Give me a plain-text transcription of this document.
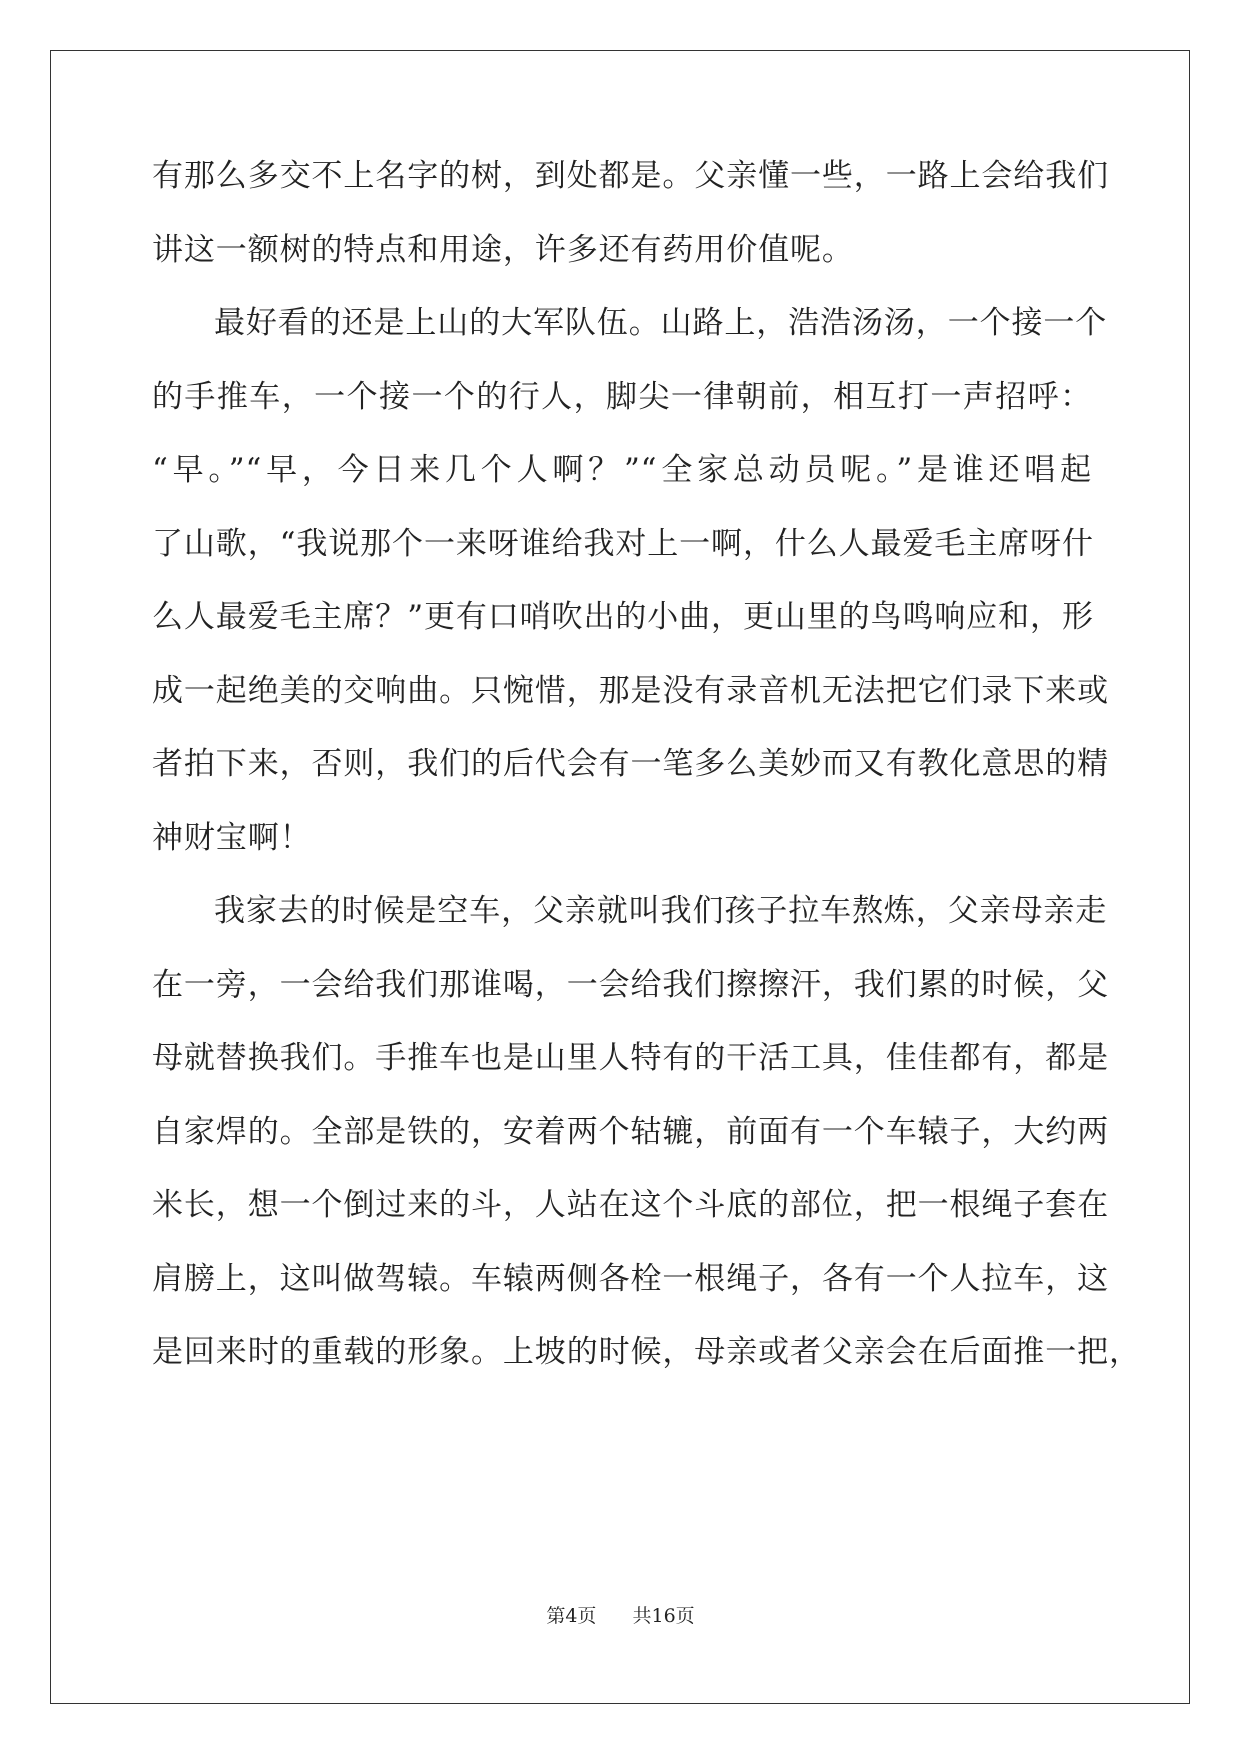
有那么多交不上名字的树，到处都是。父亲懂一些，一路上会给我们
讲这一额树的特点和用途，许多还有药用价值呢。
最好看的还是上山的大军队伍。山路上，浩浩汤汤，一个接一个
的手推车，一个接一个的行人，脚尖一律朝前，相互打一声招呼：
“早。”“早，今日来几个人啊？”“全家总动员呢。”是谁还唱起
了山歌，“我说那个一来呀谁给我对上一啊，什么人最爱毛主席呀什
么人最爱毛主席？”更有口哨吹出的小曲，更山里的鸟鸣响应和，形
成一起绝美的交响曲。只惋惜，那是没有录音机无法把它们录下来或
者拍下来，否则，我们的后代会有一笔多么美妙而又有教化意思的精
神财宝啊！
我家去的时候是空车，父亲就叫我们孩子拉车熬炼，父亲母亲走
在一旁，一会给我们那谁喝，一会给我们擦擦汗，我们累的时候，父
母就替换我们。手推车也是山里人特有的干活工具，佳佳都有，都是
自家焊的。全部是铁的，安着两个轱辘，前面有一个车辕子，大约两
米长，想一个倒过来的斗，人站在这个斗底的部位，把一根绳子套在
肩膀上，这叫做驾辕。车辕两侧各栓一根绳子，各有一个人拉车，这
是回来时的重载的形象。上坡的时候，母亲或者父亲会在后面推一把，
第4页 共16页
